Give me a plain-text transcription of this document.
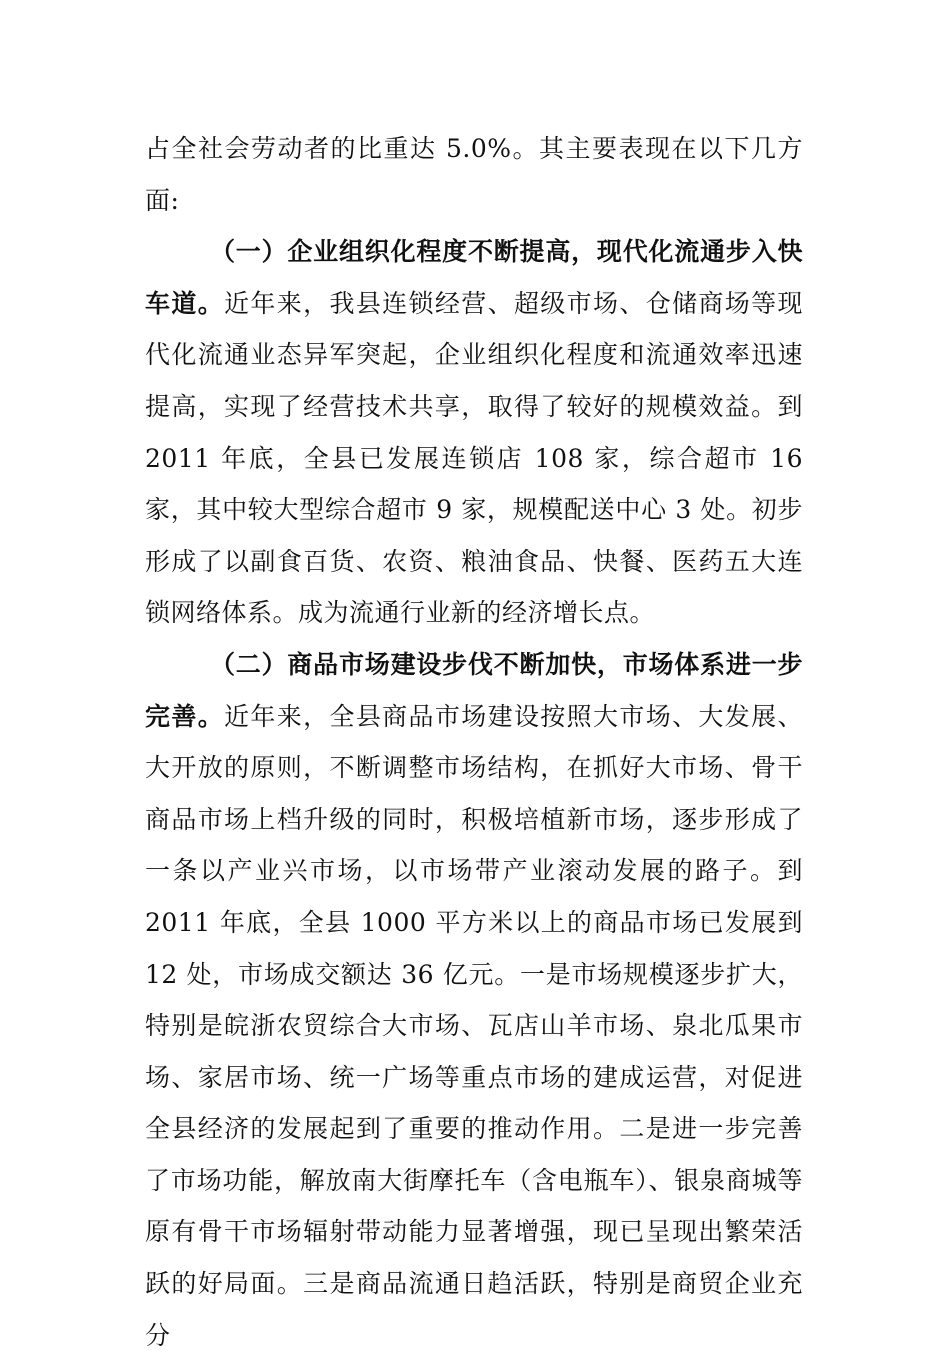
占全社会劳动者的比重达 5.0%。其主要表现在以下几方面:

（一）企业组织化程度不断提高，现代化流通步入快车道。近年来，我县连锁经营、超级市场、仓储商场等现代化流通业态异军突起，企业组织化程度和流通效率迅速提高，实现了经营技术共享，取得了较好的规模效益。到 2011 年底，全县已发展连锁店 108 家，综合超市 16 家，其中较大型综合超市 9 家，规模配送中心 3 处。初步形成了以副食百货、农资、粮油食品、快餐、医药五大连锁网络体系。成为流通行业新的经济增长点。

（二）商品市场建设步伐不断加快，市场体系进一步完善。近年来，全县商品市场建设按照大市场、大发展、大开放的原则，不断调整市场结构，在抓好大市场、骨干商品市场上档升级的同时，积极培植新市场，逐步形成了一条以产业兴市场，以市场带产业滚动发展的路子。到 2011 年底，全县 1000 平方米以上的商品市场已发展到 12 处，市场成交额达 36 亿元。一是市场规模逐步扩大，特别是皖浙农贸综合大市场、瓦店山羊市场、泉北瓜果市场、家居市场、统一广场等重点市场的建成运营，对促进全县经济的发展起到了重要的推动作用。二是进一步完善了市场功能，解放南大街摩托车（含电瓶车）、银泉商城等原有骨干市场辐射带动能力显著增强，现已呈现出繁荣活跃的好局面。三是商品流通日趋活跃，特别是商贸企业充分
